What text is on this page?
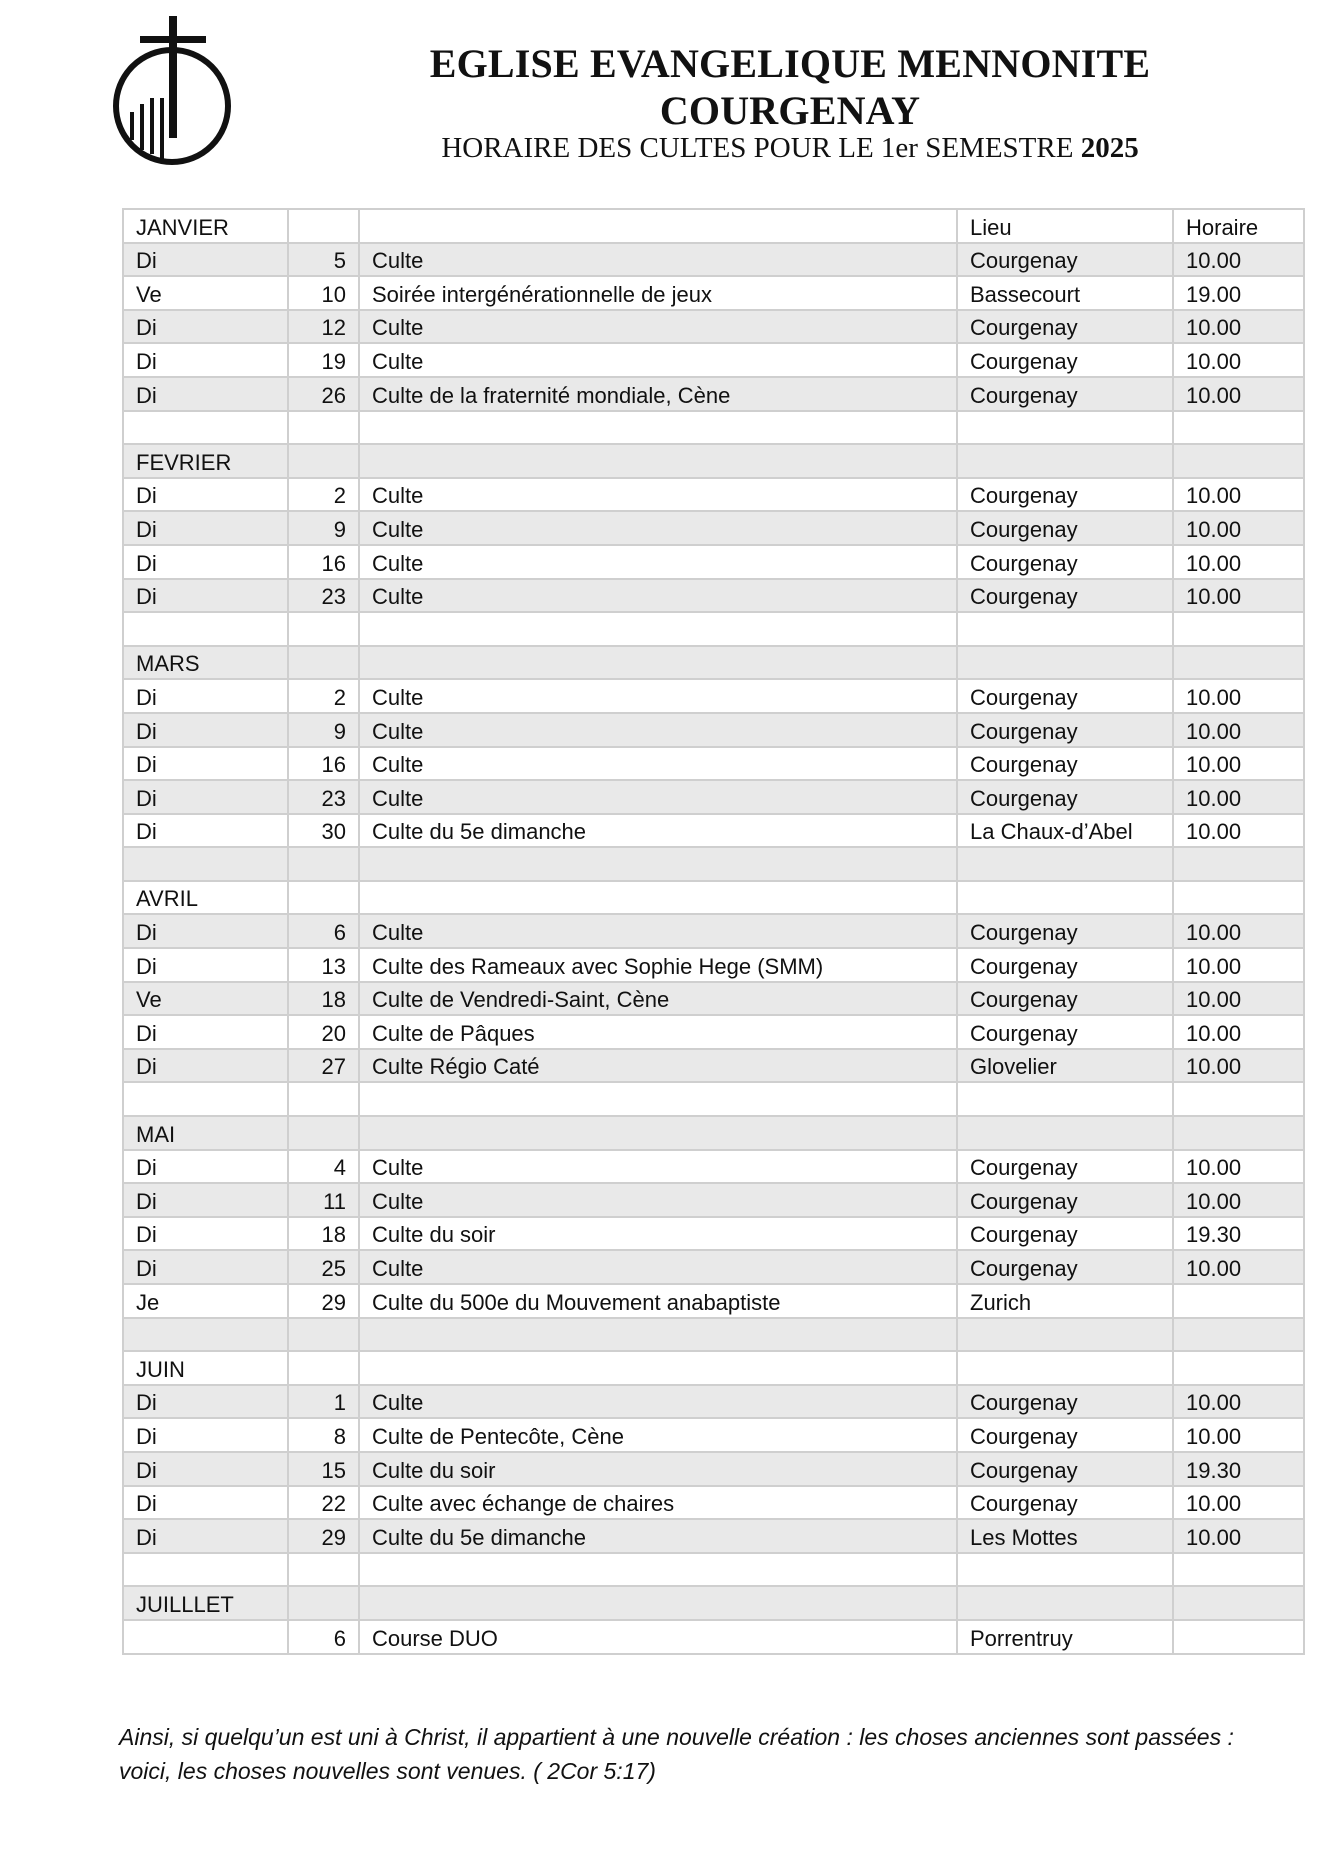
EGLISE EVANGELIQUE MENNONITE COURGENAY

HORAIRE DES CULTES POUR LE 1er SEMESTRE 2025

JANVIER			Lieu	Horaire
Di	5	Culte	Courgenay	10.00
Ve	10	Soirée intergénérationnelle de jeux	Bassecourt	19.00
Di	12	Culte	Courgenay	10.00
Di	19	Culte	Courgenay	10.00
Di	26	Culte de la fraternité mondiale, Cène	Courgenay	10.00

FEVRIER				
Di	2	Culte	Courgenay	10.00
Di	9	Culte	Courgenay	10.00
Di	16	Culte	Courgenay	10.00
Di	23	Culte	Courgenay	10.00

MARS				
Di	2	Culte	Courgenay	10.00
Di	9	Culte	Courgenay	10.00
Di	16	Culte	Courgenay	10.00
Di	23	Culte	Courgenay	10.00
Di	30	Culte du 5e dimanche	La Chaux-d’Abel	10.00

AVRIL				
Di	6	Culte	Courgenay	10.00
Di	13	Culte des Rameaux avec Sophie Hege (SMM)	Courgenay	10.00
Ve	18	Culte de Vendredi-Saint, Cène	Courgenay	10.00
Di	20	Culte de Pâques	Courgenay	10.00
Di	27	Culte Régio Caté	Glovelier	10.00

MAI				
Di	4	Culte	Courgenay	10.00
Di	11	Culte	Courgenay	10.00
Di	18	Culte du soir	Courgenay	19.30
Di	25	Culte	Courgenay	10.00
Je	29	Culte du 500e du Mouvement anabaptiste	Zurich	

JUIN				
Di	1	Culte	Courgenay	10.00
Di	8	Culte de Pentecôte, Cène	Courgenay	10.00
Di	15	Culte du soir	Courgenay	19.30
Di	22	Culte avec échange de chaires	Courgenay	10.00
Di	29	Culte du 5e dimanche	Les Mottes	10.00

JUILLLET				
	6	Course DUO	Porrentruy	

Ainsi, si quelqu’un est uni à Christ, il appartient à une nouvelle création : les choses anciennes sont passées : voici, les choses nouvelles sont venues. ( 2Cor 5:17)
